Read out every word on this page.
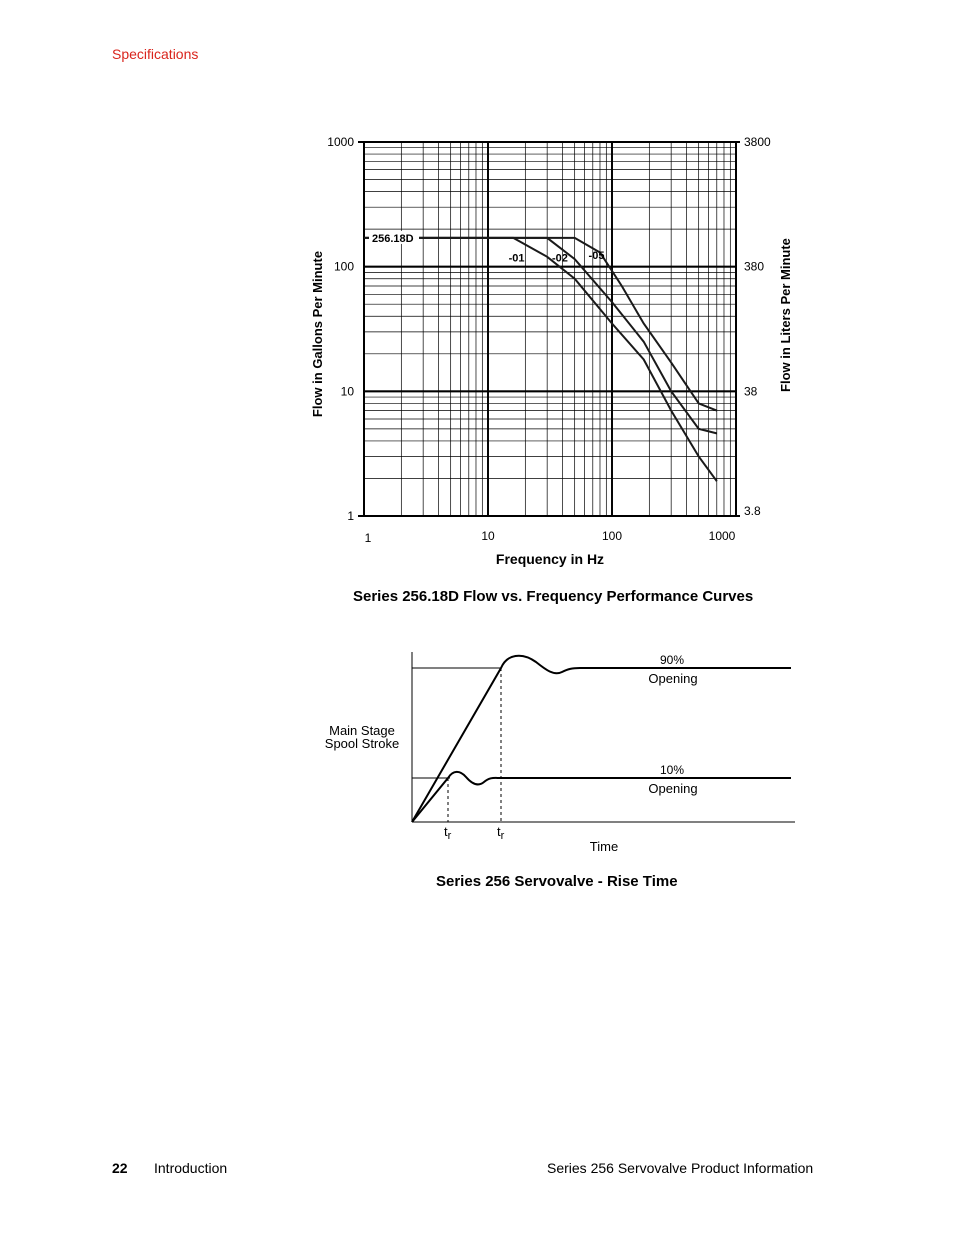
Specifications
1
10
100
1000
3.8
38
380
3800
1	10	100	1000
Frequency in Hz
Flow in Gallons Per Minute	Flow in Liters Per Minute
-01 -02 -05
256.18D
Series 256.18D Flow vs. Frequency Performance Curves
$t_r$	$t_r$
90%
Opening
10%
Opening
Main Stage
Spool Stroke
Time
Series 256 Servovalve - Rise Time
22 Introduction	Series 256 Servovalve Product Information
